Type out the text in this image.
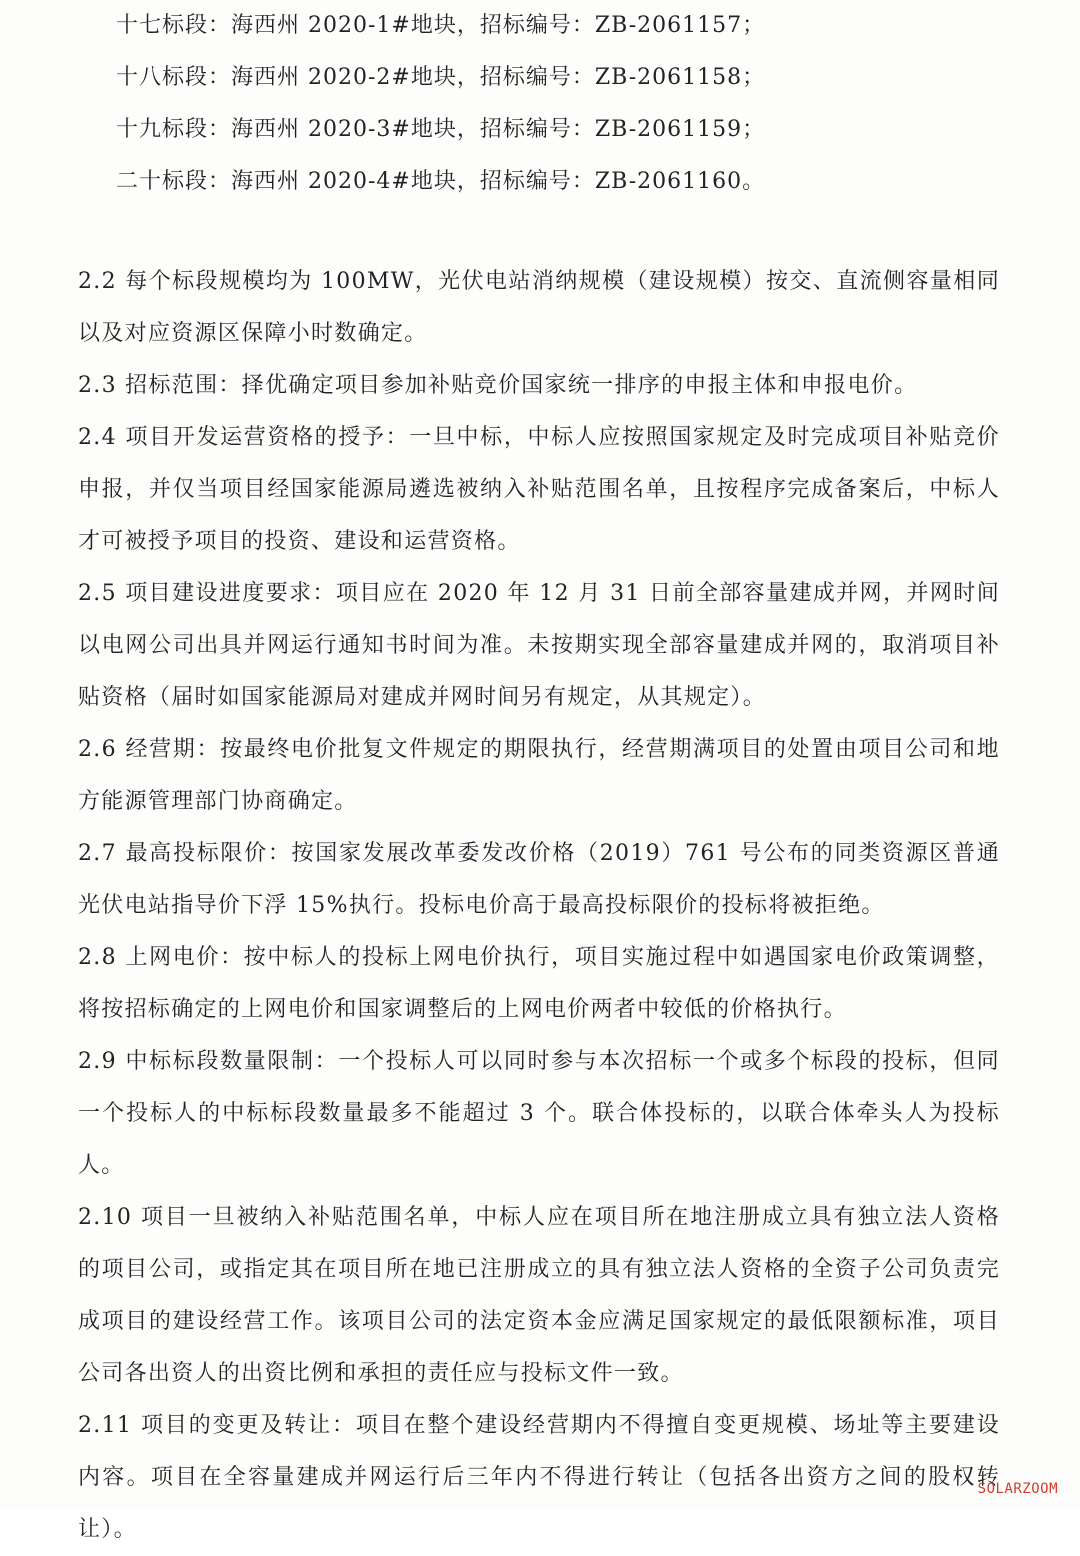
十七标段：海西州 2020-1#地块，招标编号：ZB-2061157；
十八标段：海西州 2020-2#地块，招标编号：ZB-2061158；
十九标段：海西州 2020-3#地块，招标编号：ZB-2061159；
二十标段：海西州 2020-4#地块，招标编号：ZB-2061160。

2.2 每个标段规模均为 100MW，光伏电站消纳规模（建设规模）按交、直流侧容量相同以及对应资源区保障小时数确定。

2.3 招标范围：择优确定项目参加补贴竞价国家统一排序的申报主体和申报电价。

2.4 项目开发运营资格的授予：一旦中标，中标人应按照国家规定及时完成项目补贴竞价申报，并仅当项目经国家能源局遴选被纳入补贴范围名单，且按程序完成备案后，中标人才可被授予项目的投资、建设和运营资格。

2.5 项目建设进度要求：项目应在 2020 年 12 月 31 日前全部容量建成并网，并网时间以电网公司出具并网运行通知书时间为准。未按期实现全部容量建成并网的，取消项目补贴资格（届时如国家能源局对建成并网时间另有规定，从其规定）。

2.6 经营期：按最终电价批复文件规定的期限执行，经营期满项目的处置由项目公司和地方能源管理部门协商确定。

2.7 最高投标限价：按国家发展改革委发改价格（2019）761 号公布的同类资源区普通光伏电站指导价下浮 15%执行。投标电价高于最高投标限价的投标将被拒绝。

2.8 上网电价：按中标人的投标上网电价执行，项目实施过程中如遇国家电价政策调整，将按招标确定的上网电价和国家调整后的上网电价两者中较低的价格执行。

2.9 中标标段数量限制：一个投标人可以同时参与本次招标一个或多个标段的投标，但同一个投标人的中标标段数量最多不能超过 3 个。联合体投标的，以联合体牵头人为投标人。

2.10 项目一旦被纳入补贴范围名单，中标人应在项目所在地注册成立具有独立法人资格的项目公司，或指定其在项目所在地已注册成立的具有独立法人资格的全资子公司负责完成项目的建设经营工作。该项目公司的法定资本金应满足国家规定的最低限额标准，项目公司各出资人的出资比例和承担的责任应与投标文件一致。

2.11 项目的变更及转让：项目在整个建设经营期内不得擅自变更规模、场址等主要建设内容。项目在全容量建成并网运行后三年内不得进行转让（包括各出资方之间的股权转让）。

SOLARZOOM
